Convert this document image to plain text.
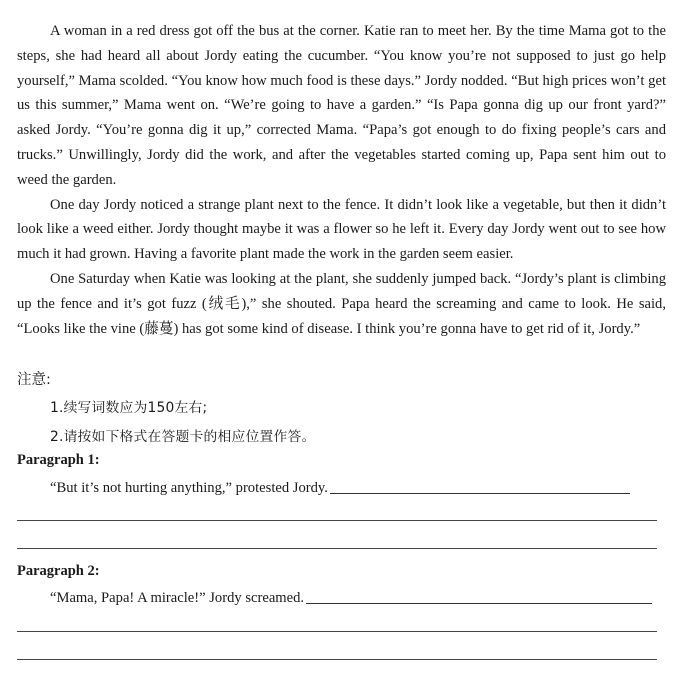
A woman in a red dress got off the bus at the corner. Katie ran to meet her. By the time Mama got to the steps, she had heard all about Jordy eating the cucumber. “You know you’re not supposed to just go help yourself,” Mama scolded. “You know how much food is these days.” Jordy nodded. “But high prices won’t get us this summer,” Mama went on. “We’re going to have a garden.” “Is Papa gonna dig up our front yard?” asked Jordy. “You’re gonna dig it up,” corrected Mama. “Papa’s got enough to do fixing people’s cars and trucks.” Unwillingly, Jordy did the work, and after the vegetables started coming up, Papa sent him out to weed the garden.

One day Jordy noticed a strange plant next to the fence. It didn’t look like a vegetable, but then it didn’t look like a weed either. Jordy thought maybe it was a flower so he left it. Every day Jordy went out to see how much it had grown. Having a favorite plant made the work in the garden seem easier.

One Saturday when Katie was looking at the plant, she suddenly jumped back. “Jordy’s plant is climbing up the fence and it’s got fuzz (绒毛),” she shouted. Papa heard the screaming and came to look. He said, “Looks like the vine (藤蔓) has got some kind of disease. I think you’re gonna have to get rid of it, Jordy.”

注意:
1.续写词数应为150左右;
2.请按如下格式在答题卡的相应位置作答。
Paragraph 1:
“But it’s not hurting anything,” protested Jordy.
Paragraph 2:
“Mama, Papa! A miracle!” Jordy screamed.
